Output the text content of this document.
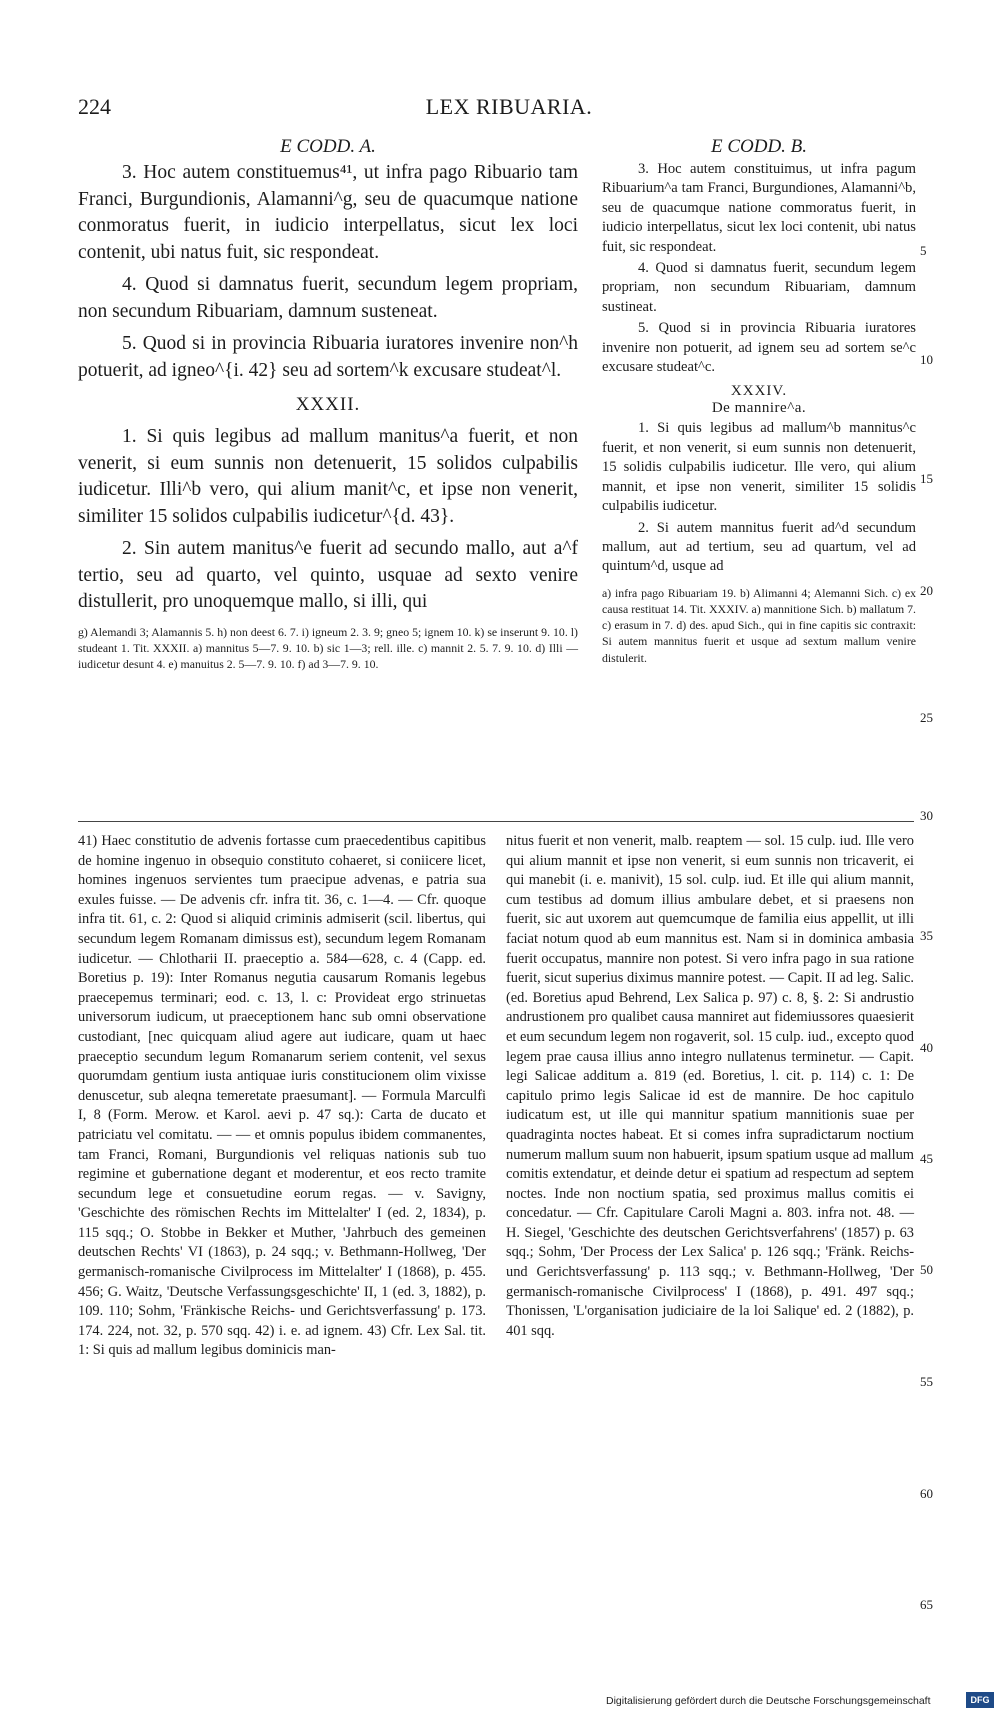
224	LEX RIBUARIA.
E CODD. A.

3. Hoc autem constituemus⁴¹, ut infra pago Ribuario tam Franci, Burgundionis, Alamanni^g, seu de quacumque natione conmoratus fuerit, in iudicio interpellatus, sicut lex loci contenit, ubi natus fuit, sic respondeat.

4. Quod si damnatus fuerit, secundum legem propriam, non secundum Ribuariam, damnum susteneat.

5. Quod si in provincia Ribuaria iuratores invenire non^h potuerit, ad igneo^{i. 42} seu ad sortem^k excusare studeat^l.

XXXII.

1. Si quis legibus ad mallum manitus^a fuerit, et non venerit, si eum sunnis non detenuerit, 15 solidos culpabilis iudicetur. Illi^b vero, qui alium manit^c, et ipse non venerit, similiter 15 solidos culpabilis iudicetur^{d. 43}.

2. Sin autem manitus^e fuerit ad secundo mallo, aut a^f tertio, seu ad quarto, vel quinto, usquae ad sexto venire distullerit, pro unoquemque mallo, si illi, qui

g) Alemandi 3; Alamannis 5. h) non deest 6. 7. i) igneum 2. 3. 9; gneo 5; ignem 10. k) se inserunt 9. 10. l) studeant 1. Tit. XXXII. a) mannitus 5—7. 9. 10. b) sic 1—3; rell. ille. c) mannit 2. 5. 7. 9. 10. d) Illi — iudicetur desunt 4. e) manuitus 2. 5—7. 9. 10. f) ad 3—7. 9. 10.
E CODD. B.

3. Hoc autem constituimus, ut infra pagum Ribuarium^a tam Franci, Burgundiones, Alamanni^b, seu de quacumque natione commoratus fuerit, in iudicio interpellatus, sicut lex loci contenit, ubi natus fuit, sic respondeat.

4. Quod si damnatus fuerit, secundum legem propriam, non secundum Ribuariam, damnum sustineat.

5. Quod si in provincia Ribuaria iuratores invenire non potuerit, ad ignem seu ad sortem se^c excusare studeat^c.

XXXIV.
De mannire^a.

1. Si quis legibus ad mallum^b mannitus^c fuerit, et non venerit, si eum sunnis non detenuerit, 15 solidis culpabilis iudicetur. Ille vero, qui alium mannit, et ipse non venerit, similiter 15 solidis culpabilis iudicetur.

2. Si autem mannitus fuerit ad^d secundum mallum, aut ad tertium, seu ad quartum, vel ad quintum^d, usque ad

a) infra pago Ribuariam 19. b) Alimanni 4; Alemanni Sich. c) ex causa restituat 14. Tit. XXXIV. a) mannitione Sich. b) mallatum 7. c) erasum in 7. d) des. apud Sich., qui in fine capitis sic contraxit: Si autem mannitus fuerit et usque ad sextum mallum venire distulerit.
5
10
15
20
25
30
35
40
45
50
55
60
65
41) Haec constitutio de advenis fortasse cum praecedentibus capitibus de homine ingenuo in obsequio constituto cohaeret, si coniicere licet, homines ingenuos servientes tum praecipue advenas, e patria sua exules fuisse. — De advenis cfr. infra tit. 36, c. 1—4. — Cfr. quoque infra tit. 61, c. 2: Quod si aliquid criminis admiserit (scil. libertus, qui secundum legem Romanam dimissus est), secundum legem Romanam iudicetur. — Chlotharii II. praeceptio a. 584—628, c. 4 (Capp. ed. Boretius p. 19): Inter Romanus negutia causarum Romanis legebus praecepemus terminari; eod. c. 13, l. c: Provideat ergo strinuetas universorum iudicum, ut praeceptionem hanc sub omni observatione custodiant, [nec quicquam aliud agere aut iudicare, quam ut haec praeceptio secundum legum Romanarum seriem contenit, vel sexus quorumdam gentium iusta antiquae iuris constitucionem olim vixisse denuscetur, sub aleqna temeretate praesumant]. — Formula Marculfi I, 8 (Form. Merow. et Karol. aevi p. 47 sq.): Carta de ducato et patriciatu vel comitatu. — — et omnis populus ibidem commanentes, tam Franci, Romani, Burgundionis vel reliquas nationis sub tuo regimine et gubernatione degant et moderentur, et eos recto tramite secundum lege et consuetudine eorum regas. — v. Savigny, 'Geschichte des römischen Rechts im Mittelalter' I (ed. 2, 1834), p. 115 sqq.; O. Stobbe in Bekker et Muther, 'Jahrbuch des gemeinen deutschen Rechts' VI (1863), p. 24 sqq.; v. Bethmann-Hollweg, 'Der germanisch-romanische Civilprocess im Mittelalter' I (1868), p. 455. 456; G. Waitz, 'Deutsche Verfassungsgeschichte' II, 1 (ed. 3, 1882), p. 109. 110; Sohm, 'Fränkische Reichs- und Gerichtsverfassung' p. 173. 174. 224, not. 32, p. 570 sqq. 42) i. e. ad ignem. 43) Cfr. Lex Sal. tit. 1: Si quis ad mallum legibus dominicis man-
nitus fuerit et non venerit, malb. reaptem — sol. 15 culp. iud. Ille vero qui alium mannit et ipse non venerit, si eum sunnis non tricaverit, ei qui manebit (i. e. manivit), 15 sol. culp. iud. Et ille qui alium mannit, cum testibus ad domum illius ambulare debet, et si praesens non fuerit, sic aut uxorem aut quemcumque de familia eius appellit, ut illi faciat notum quod ab eum mannitus est. Nam si in dominica ambasia fuerit occupatus, mannire non potest. Si vero infra pago in sua ratione fuerit, sicut superius diximus mannire potest. — Capit. II ad leg. Salic. (ed. Boretius apud Behrend, Lex Salica p. 97) c. 8, §. 2: Si andrustio andrustionem pro qualibet causa manniret aut fidemiussores quaesierit et eum secundum legem non rogaverit, sol. 15 culp. iud., excepto quod legem prae causa illius anno integro nullatenus terminetur. — Capit. legi Salicae additum a. 819 (ed. Boretius, l. cit. p. 114) c. 1: De capitulo primo legis Salicae id est de mannire. De hoc capitulo iudicatum est, ut ille qui mannitur spatium mannitionis suae per quadraginta noctes habeat. Et si comes infra supradictarum noctium numerum mallum suum non habuerit, ipsum spatium usque ad mallum comitis extendatur, et deinde detur ei spatium ad respectum ad septem noctes. Inde non noctium spatia, sed proximus mallus comitis ei concedatur. — Cfr. Capitulare Caroli Magni a. 803. infra not. 48. — H. Siegel, 'Geschichte des deutschen Gerichtsverfahrens' (1857) p. 63 sqq.; Sohm, 'Der Process der Lex Salica' p. 126 sqq.; 'Fränk. Reichs- und Gerichtsverfassung' p. 113 sqq.; v. Bethmann-Hollweg, 'Der germanisch-romanische Civilprocess' I (1868), p. 491. 497 sqq.; Thonissen, 'L'organisation judiciaire de la loi Salique' ed. 2 (1882), p. 401 sqq.
Digitalisierung gefördert durch die Deutsche Forschungsgemeinschaft	DFG
